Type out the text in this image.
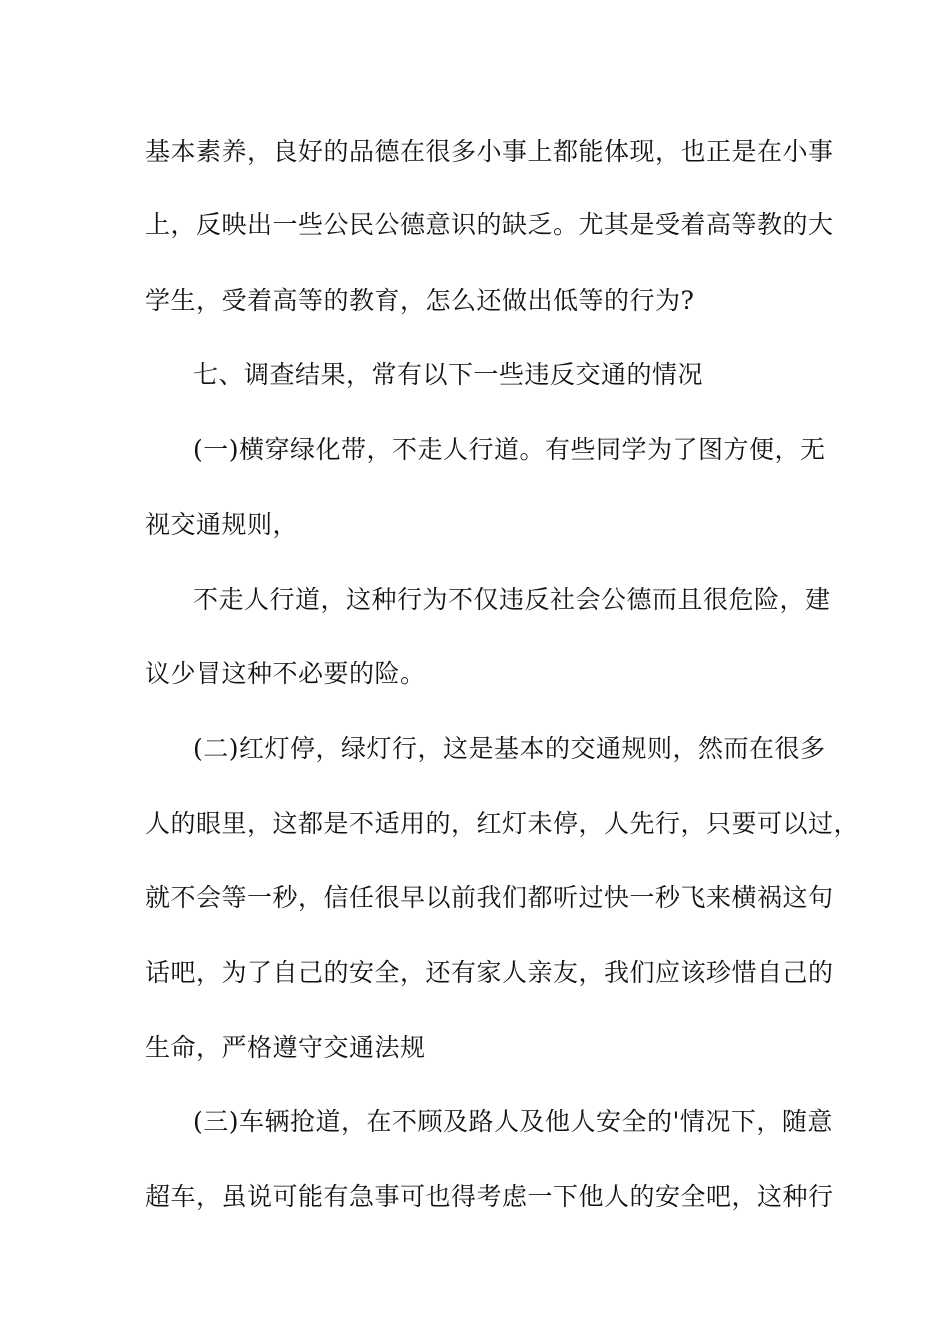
基本素养，良好的品德在很多小事上都能体现，也正是在小事
上，反映出一些公民公德意识的缺乏。尤其是受着高等教的大
学生，受着高等的教育，怎么还做出低等的行为?
七、调查结果，常有以下一些违反交通的情况
(一)横穿绿化带，不走人行道。有些同学为了图方便，无
视交通规则，
不走人行道，这种行为不仅违反社会公德而且很危险，建
议少冒这种不必要的险。
(二)红灯停，绿灯行，这是基本的交通规则，然而在很多
人的眼里，这都是不适用的，红灯未停，人先行，只要可以过，
就不会等一秒，信任很早以前我们都听过快一秒飞来横祸这句
话吧，为了自己的安全，还有家人亲友，我们应该珍惜自己的
生命，严格遵守交通法规
(三)车辆抢道，在不顾及路人及他人安全的'情况下，随意
超车，虽说可能有急事可也得考虑一下他人的安全吧，这种行
